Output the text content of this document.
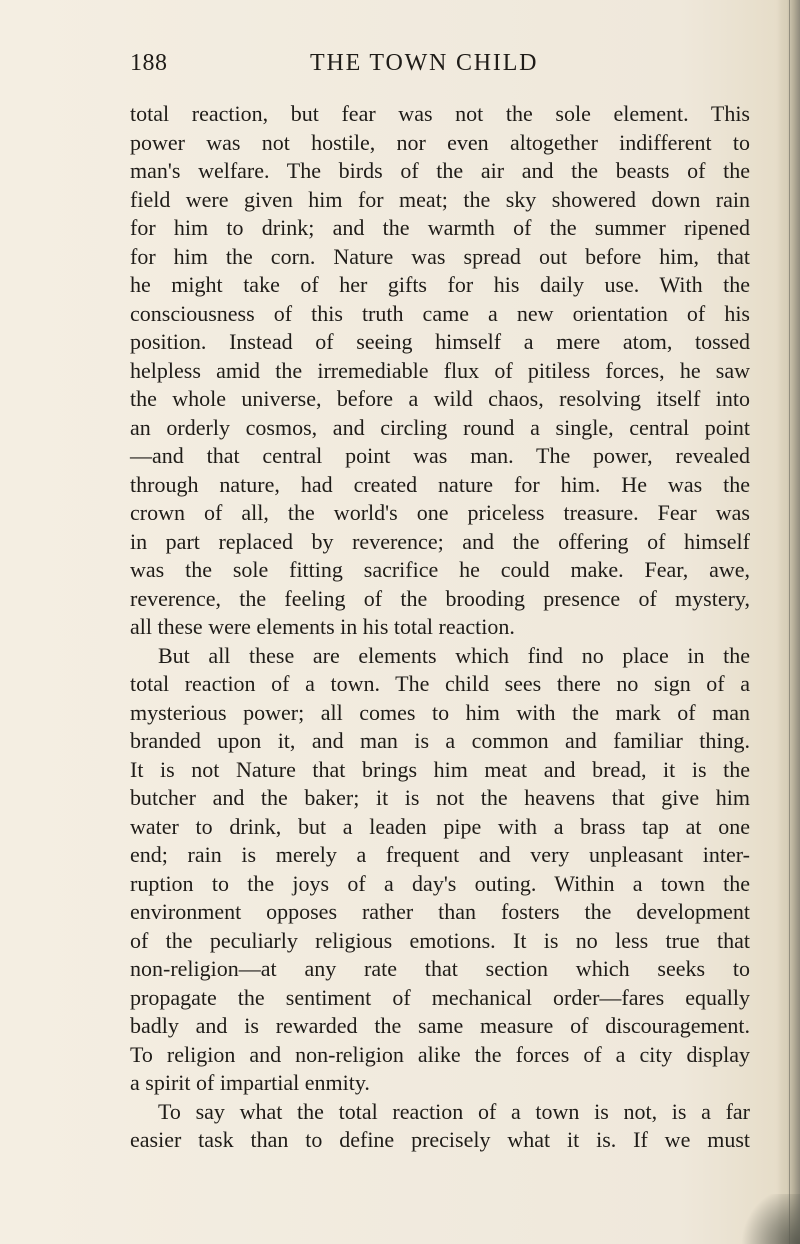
188	THE TOWN CHILD
total reaction, but fear was not the sole element. This
power was not hostile, nor even altogether indifferent to
man's welfare. The birds of the air and the beasts of the
field were given him for meat; the sky showered down rain
for him to drink; and the warmth of the summer ripened
for him the corn. Nature was spread out before him, that
he might take of her gifts for his daily use. With the
consciousness of this truth came a new orientation of his
position. Instead of seeing himself a mere atom, tossed
helpless amid the irremediable flux of pitiless forces, he saw
the whole universe, before a wild chaos, resolving itself into
an orderly cosmos, and circling round a single, central point
—and that central point was man. The power, revealed
through nature, had created nature for him. He was the
crown of all, the world's one priceless treasure. Fear was
in part replaced by reverence; and the offering of himself
was the sole fitting sacrifice he could make. Fear, awe,
reverence, the feeling of the brooding presence of mystery,
all these were elements in his total reaction.
But all these are elements which find no place in the
total reaction of a town. The child sees there no sign of a
mysterious power; all comes to him with the mark of man
branded upon it, and man is a common and familiar thing.
It is not Nature that brings him meat and bread, it is the
butcher and the baker; it is not the heavens that give him
water to drink, but a leaden pipe with a brass tap at one
end; rain is merely a frequent and very unpleasant inter-
ruption to the joys of a day's outing. Within a town the
environment opposes rather than fosters the development
of the peculiarly religious emotions. It is no less true that
non-religion—at any rate that section which seeks to
propagate the sentiment of mechanical order—fares equally
badly and is rewarded the same measure of discouragement.
To religion and non-religion alike the forces of a city display
a spirit of impartial enmity.
To say what the total reaction of a town is not, is a far
easier task than to define precisely what it is. If we must
